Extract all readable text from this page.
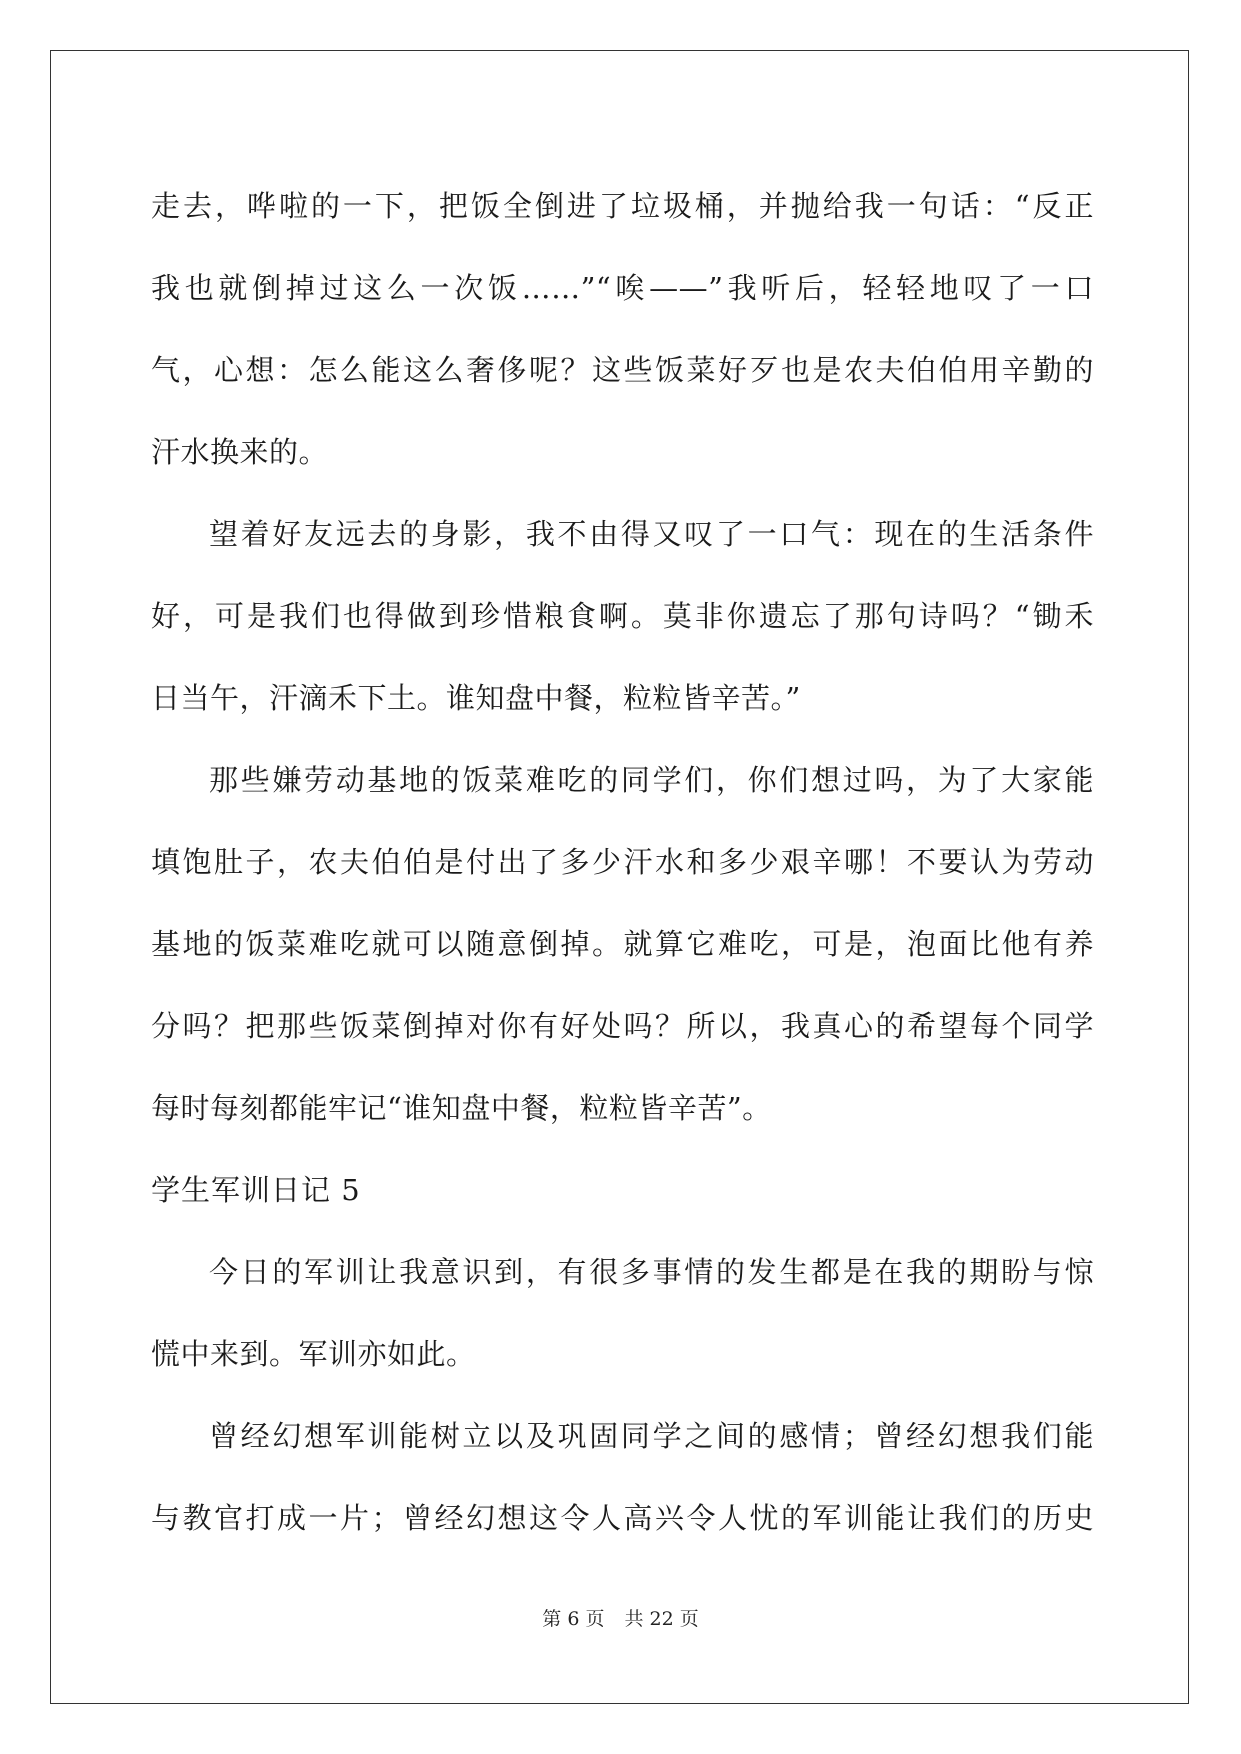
走去，哗啦的一下，把饭全倒进了垃圾桶，并抛给我一句话：“反正
我也就倒掉过这么一次饭……”“唉——”我听后，轻轻地叹了一口
气，心想：怎么能这么奢侈呢？这些饭菜好歹也是农夫伯伯用辛勤的
汗水换来的。
望着好友远去的身影，我不由得又叹了一口气：现在的生活条件
好，可是我们也得做到珍惜粮食啊。莫非你遗忘了那句诗吗？“锄禾
日当午，汗滴禾下土。谁知盘中餐，粒粒皆辛苦。”
那些嫌劳动基地的饭菜难吃的同学们，你们想过吗，为了大家能
填饱肚子，农夫伯伯是付出了多少汗水和多少艰辛哪！不要认为劳动
基地的饭菜难吃就可以随意倒掉。就算它难吃，可是，泡面比他有养
分吗？把那些饭菜倒掉对你有好处吗？所以，我真心的希望每个同学
每时每刻都能牢记“谁知盘中餐，粒粒皆辛苦”。
学生军训日记 5
今日的军训让我意识到，有很多事情的发生都是在我的期盼与惊
慌中来到。军训亦如此。
曾经幻想军训能树立以及巩固同学之间的感情；曾经幻想我们能
与教官打成一片；曾经幻想这令人高兴令人忧的军训能让我们的历史
第 6 页 共 22 页
